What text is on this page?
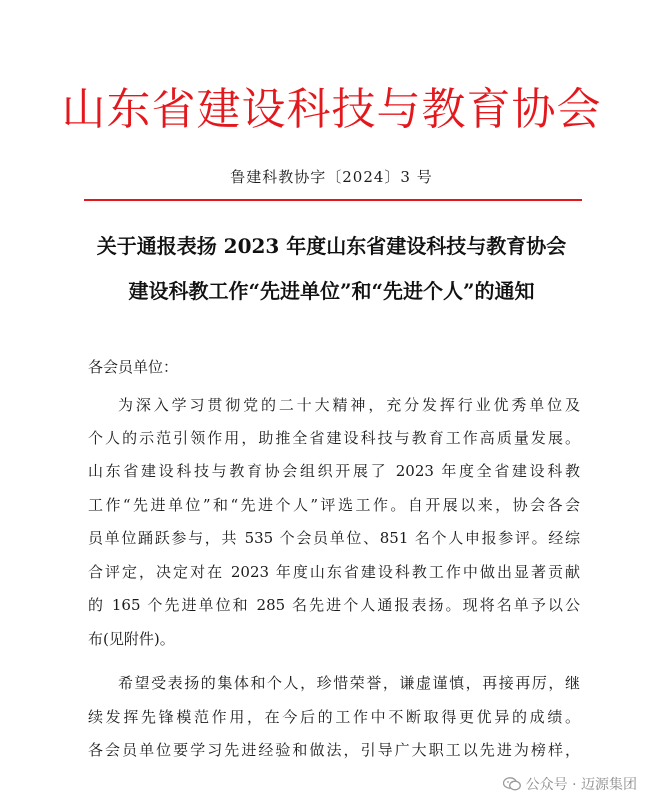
山东省建设科技与教育协会
鲁建科教协字〔2024〕3 号
关于通报表扬 2023 年度山东省建设科技与教育协会
建设科教工作“先进单位”和“先进个人”的通知
各会员单位：
为深入学习贯彻党的二十大精神，充分发挥行业优秀单位及
个人的示范引领作用，助推全省建设科技与教育工作高质量发展。
山东省建设科技与教育协会组织开展了 2023 年度全省建设科教
工作“先进单位”和“先进个人”评选工作。自开展以来，协会各会
员单位踊跃参与，共 535 个会员单位、851 名个人申报参评。经综
合评定，决定对在 2023 年度山东省建设科教工作中做出显著贡献
的 165 个先进单位和 285 名先进个人通报表扬。现将名单予以公
布(见附件)。
希望受表扬的集体和个人，珍惜荣誉，谦虚谨慎，再接再厉，继
续发挥先锋模范作用，在今后的工作中不断取得更优异的成绩。
各会员单位要学习先进经验和做法，引导广大职工以先进为榜样，
公众号 · 迈源集团
